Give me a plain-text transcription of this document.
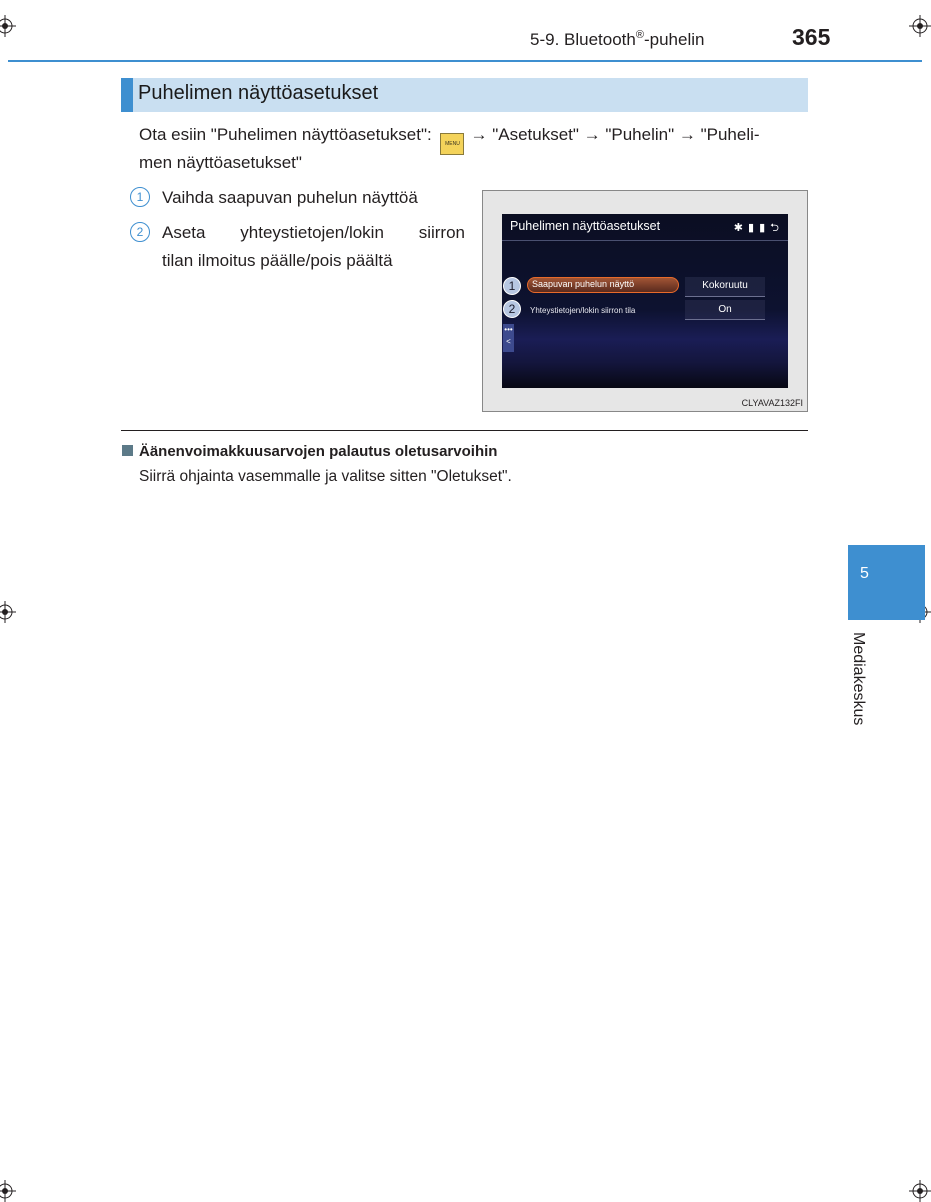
5-9. Bluetooth®-puhelin	365
Puhelimen näyttöasetukset
Ota esiin "Puhelimen näyttöasetukset":	MENU → "Asetukset" → "Puhelin" → "Puheli-
men näyttöasetukset"
1	Vaihda saapuvan puhelun näyttöä
2	Aseta yhteystietojen/lokin siirron
tilan ilmoitus päälle/pois päältä
Puhelimen näyttöasetukset	✱ ▮ ▮ ⮌
1	Saapuvan puhelun näyttö	Kokoruutu
2	Yhteystietojen/lokin siirron tila	On
•••
<
CLYAVAZ132FI
Äänenvoimakkuusarvojen palautus oletusarvoihin
Siirrä ohjainta vasemmalle ja valitse sitten "Oletukset".
5
Mediakeskus
